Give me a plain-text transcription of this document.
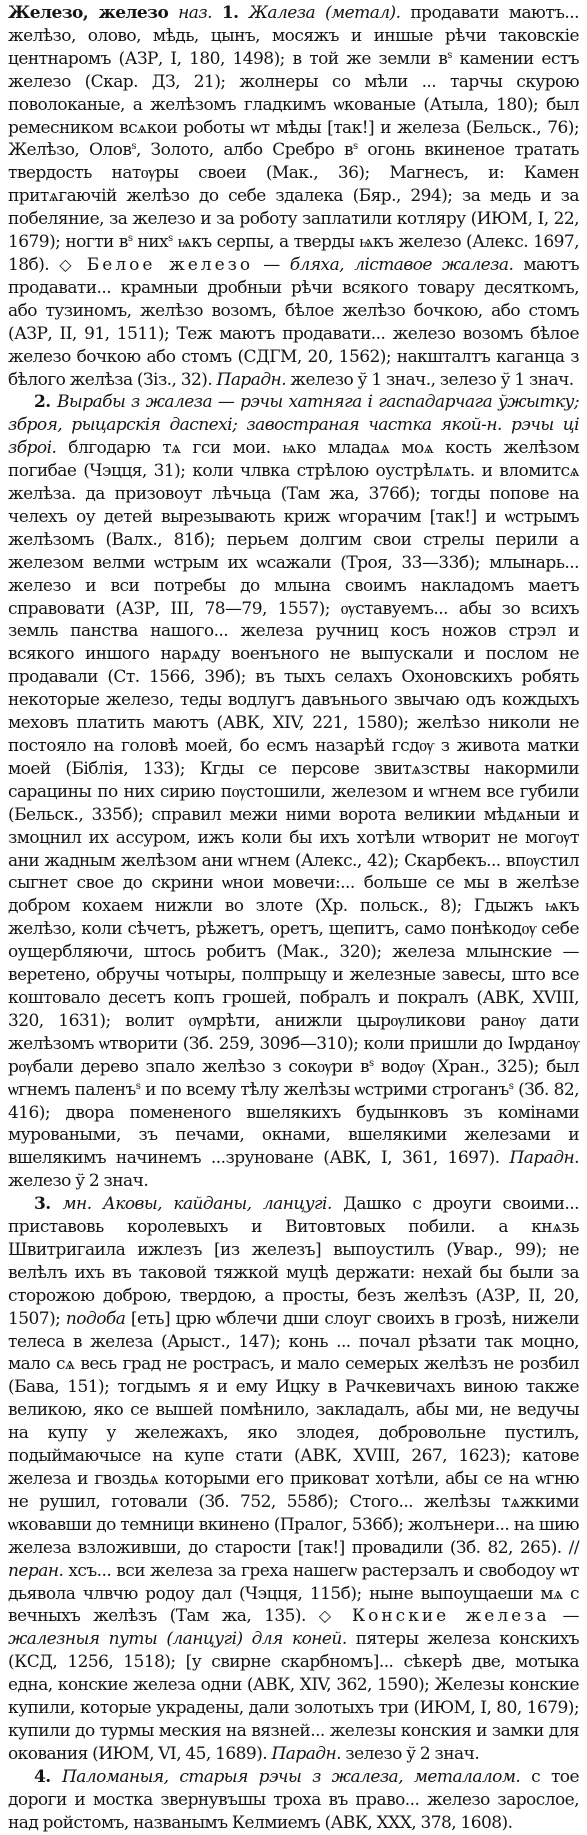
Железо, железо наз. 1. Жалеза (метал). продавати маютъ... желѣзо, олово, мѣдь, цынъ, мосяжъ и иншые рѣчи таковскіе центнаромъ (АЗР, I, 180, 1498); в той же земли $в^s$ камении естъ железо (Скар. ДЗ, 21); жолнеры со мѣли ... тарчы скурою поволоканые, а желѣзомъ гладкимъ ѡкованые (Атыла, 180); был ремесником всѧкои роботы ѡт мѣды [так!] и железа (Бельск., 76); Желѣзо, Олов$^s$, Золото, албо Сребро $в^s$ огонь вкиненое тратать твердость натѹры своеи (Мак., 36); Магнесъ, и: Камен притѧгаючій желѣзо до себе здалека (Бяр., 294); за медь и за побеляние, за железо и за роботу заплатили котляру (ИЮМ, I, 22, 1679); ногти $в^s$ них$^s$ ѩкъ серпы, а тверды ѩкъ железо (Алекс. 1697, 18б). ◇ Белое железо — бляха, ліставое жалеза. маютъ продавати... крамныи дробныи рѣчи всякого товару десяткомъ, або тузиномъ, желѣзо возомъ, бѣлое желѣзо бочкою, або стомъ (АЗР, II, 91, 1511); Теж маютъ продавати... железо возомъ бѣлое железо бочкою або стомъ (СДГМ, 20, 1562); накшталтъ каганца з бѣлого желѣза (Зіз., 32). Парадн. железо ў 1 знач., зелезо ў 1 знач.

2. Вырабы з жалеза — рэчы хатняга і гаспадарчага ўжытку; зброя, рыцарскія даспехі; завостраная частка якой-н. рэчы ці зброі. блгодарю тѧ гси мои. ѩко младаѧ моѧ кость желѣзом погибае (Чэцця, 31); коли члвка стрѣлою оустрѣлѧть. и вломитсѧ желѣза. да призовоут лѣчьца (Там жа, 376б); тогды попове на челехъ оу детей вырезывають криж ѡгорачим [так!] и ѡстрымъ желѣзомъ (Валх., 81б); перьем долгим свои стрелы перили а железом велми ѡстрым их ѡсажали (Троя, 33—33б); млынарь... железо и вси потребы до млына своимъ накладомъ маетъ справовати (АЗР, III, 78—79, 1557); ѹставуемъ... абы зо всихъ земль панства нашого... железа ручниц косъ ножов стрэл и всякого иншого нарѧду военъного не выпускали и послом не продавали (Ст. 1566, 39б); въ тыхъ селахъ Охоновскихъ робять некоторые железо, теды водлугъ давънього звычаю одъ кождыхъ меховъ платить маютъ (АВК, XIV, 221, 1580); желѣзо николи не постояло на головѣ моей, бо есмъ назарѣй гсдѹ з живота матки моей (Біблія, 133); Кгды се персове звитѧзствы накормили сарацины по них сирию пѹстошили, железом и ѡгнем все губили (Бельск., 335б); справил межи ними ворота великии мѣдѧныи и змоцнил их ассуром, ижъ коли бы ихъ хотѣли ѡтворит не могѹт ани жадным желѣзом ани ѡгнем (Алекс., 42); Скарбекъ... впѹстил сыгнет свое до скрини ѡнои мовечи:... больше се мы в желѣзе добром кохаем нижли во злоте (Хр. польск., 8); Гдыжъ ѩкъ желѣзо, коли сѣчетъ, рѣжетъ, оретъ, щепитъ, само понѣкодѹ себе оущербляючи, штось робитъ (Мак., 320); железа млынские — веретено, обручы чотыры, полпрыцу и железные завесы, што все коштовало десетъ копъ грошей, побралъ и покралъ (АВК, XVIII, 320, 1631); волит ѹмрѣти, анижли цырѹликови ранѹ дати желѣзомъ ѡтворити (Зб. 259, 309б—310); коли пришли до Іѡрданѹ рѹбали дерево зпало желѣзо з сокѹри $в^s$ водѹ (Хран., 325); был ѡгнемъ паленъ$^s$ и по всему тѣлу желѣзы ѡстрими строганъ$^s$ (Зб. 82, 416); двора помененого вшелякихъ будынковъ зъ комінами муроваными, зъ печами, окнами, вшелякими железами и вшелякимъ начинемъ ...зруноване (АВК, I, 361, 1697). Парадн. железо ў 2 знач.

3. мн. Аковы, кайданы, ланцугі. Дашко с дроуги своими... приставовь королевыхъ и Витовтовых побили. а кнѧзь Швитригаила ижлезъ [из железъ] выпоустилъ (Увар., 99); не велѣлъ ихъ въ таковой тяжкой муцѣ держати: нехай бы были за сторожою доброю, твердою, а просты, безъ желѣзъ (АЗР, II, 20, 1507); подоба [еть] црю ѡблечи дши слоуг своихъ в грозѣ, нижели телеса в железа (Арыст., 147); конь ... почал рѣзати так моцно, мало сѧ весь град не рострасъ, и мало семерых желѣзъ не розбил (Бава, 151); тогдымъ я и ему Ицку в Рачкевичахъ виною также великою, яко се вышей помѣнило, закладалъ, абы ми, не ведучы на купу у жележахъ, яко злодея, добровольне пустилъ, подыймаючысе на купе стати (АВК, XVIII, 267, 1623); катове железа и гвоздьѧ которыми его приковат хотѣли, абы се на ѡгню не рушил, готовали (Зб. 752, 558б); Стого... желѣзы тѧжкими ѡковавши до темници вкинено (Пралог, 536б); жолънери... на шию железа взложивши, до старости [так!] провадили (Зб. 82, 265). // перан. хсъ... вси железа за греха нашегѡ растерзалъ и свободоу ѡт дьявола члвчю родоу дал (Чэцця, 115б); ныне выпоущаеши мѧ с вечныхъ желѣзъ (Там жа, 135). ◇ Конские железа — жалезныя путы (ланцугі) для коней. пятеры железа конскихъ (КСД, 1256, 1518); [у свирне скарбномъ]... сѣкерѣ две, мотыка една, конские железа одни (АВК, XIV, 362, 1590); Железы конские купили, которые украдены, дали золотыхъ три (ИЮМ, I, 80, 1679); купили до турмы меския на вязней... железы конския и замки для окования (ИЮМ, VI, 45, 1689). Парадн. зелезо ў 2 знач.

4. Паломаныя, старыя рэчы з жалеза, металалом. с тое дороги и мостка звернувъшы троха въ право... железо зарослое, над ройстомъ, названымъ Келмиемъ (АВК, ХХХ, 378, 1608).
